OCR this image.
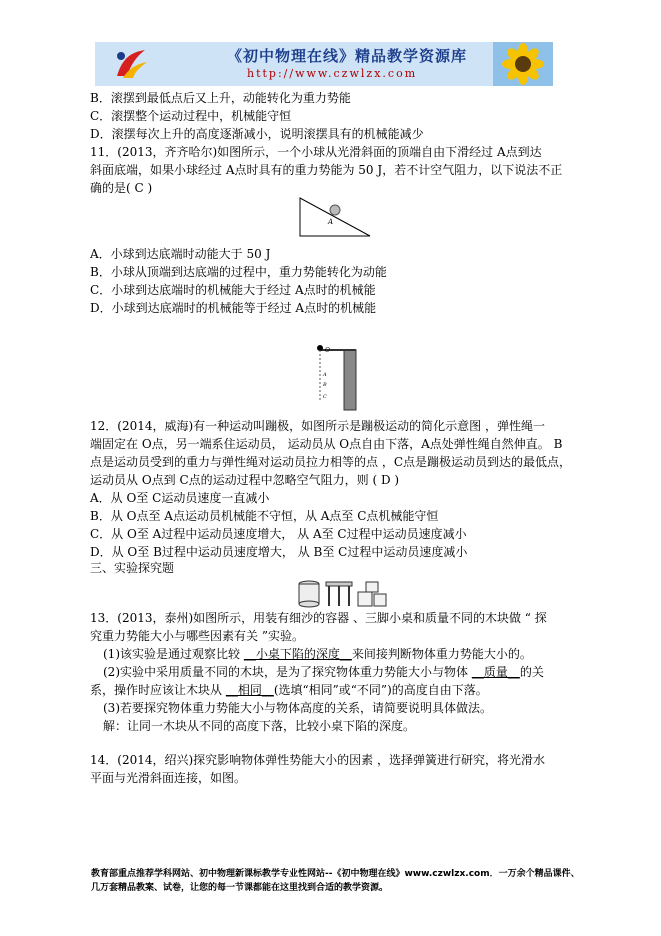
《初中物理在线》精品教学资源库
http://www.czwlzx.com
B．滚摆到最低点后又上升，动能转化为重力势能
C．滚摆整个运动过程中，机械能守恒
D．滚摆每次上升的高度逐渐减小，说明滚摆具有的机械能减少
11．(2013，齐齐哈尔)如图所示，一个小球从光滑斜面的顶端自由下滑经过 A点到达
斜面底端，如果小球经过 A点时具有的重力势能为 50 J，若不计空气阻力，以下说法不正
确的是( C )
A
A．小球到达底端时动能大于 50 J
B．小球从顶端到达底端的过程中，重力势能转化为动能
C．小球到达底端时的机械能大于经过 A点时的机械能
D．小球到达底端时的机械能等于经过 A点时的机械能
O
A
B
C
12．(2014，威海)有一种运动叫蹦极，如图所示是蹦极运动的简化示意图 ，弹性绳一
端固定在 O点，另一端系住运动员， 运动员从 O点自由下落，A点处弹性绳自然伸直。 B
点是运动员受到的重力与弹性绳对运动员拉力相等的点 ，C点是蹦极运动员到达的最低点，
运动员从 O点到 C点的运动过程中忽略空气阻力，则 ( D )
A．从 O至 C运动员速度一直减小
B．从 O点至 A点运动员机械能不守恒，从 A点至 C点机械能守恒
C．从 O至 A过程中运动员速度增大， 从 A至 C过程中运动员速度减小
D．从 O至 B过程中运动员速度增大， 从 B至 C过程中运动员速度减小
三、实验探究题
13．(2013，泰州)如图所示，用装有细沙的容器 、三脚小桌和质量不同的木块做 “ 探
究重力势能大小与哪些因素有关 ”实验。
(1)该实验是通过观察比较 __小桌下陷的深度__来间接判断物体重力势能大小的。
(2)实验中采用质量不同的木块，是为了探究物体重力势能大小与物体 __质量__的关
系，操作时应该让木块从 __相同__(选填“相同”或“不同”)的高度自由下落。
(3)若要探究物体重力势能大小与物体高度的关系，请简要说明具体做法。
解：让同一木块从不同的高度下落，比较小桌下陷的深度。
14．(2014，绍兴)探究影响物体弹性势能大小的因素 ，选择弹簧进行研究，将光滑水
平面与光滑斜面连接，如图。
教育部重点推荐学科网站、初中物理新课标教学专业性网站--《初中物理在线》www.czwlzx.com．一万余个精品课件、
几万套精品教案、试卷，让您的每一节课都能在这里找到合适的教学资源。
